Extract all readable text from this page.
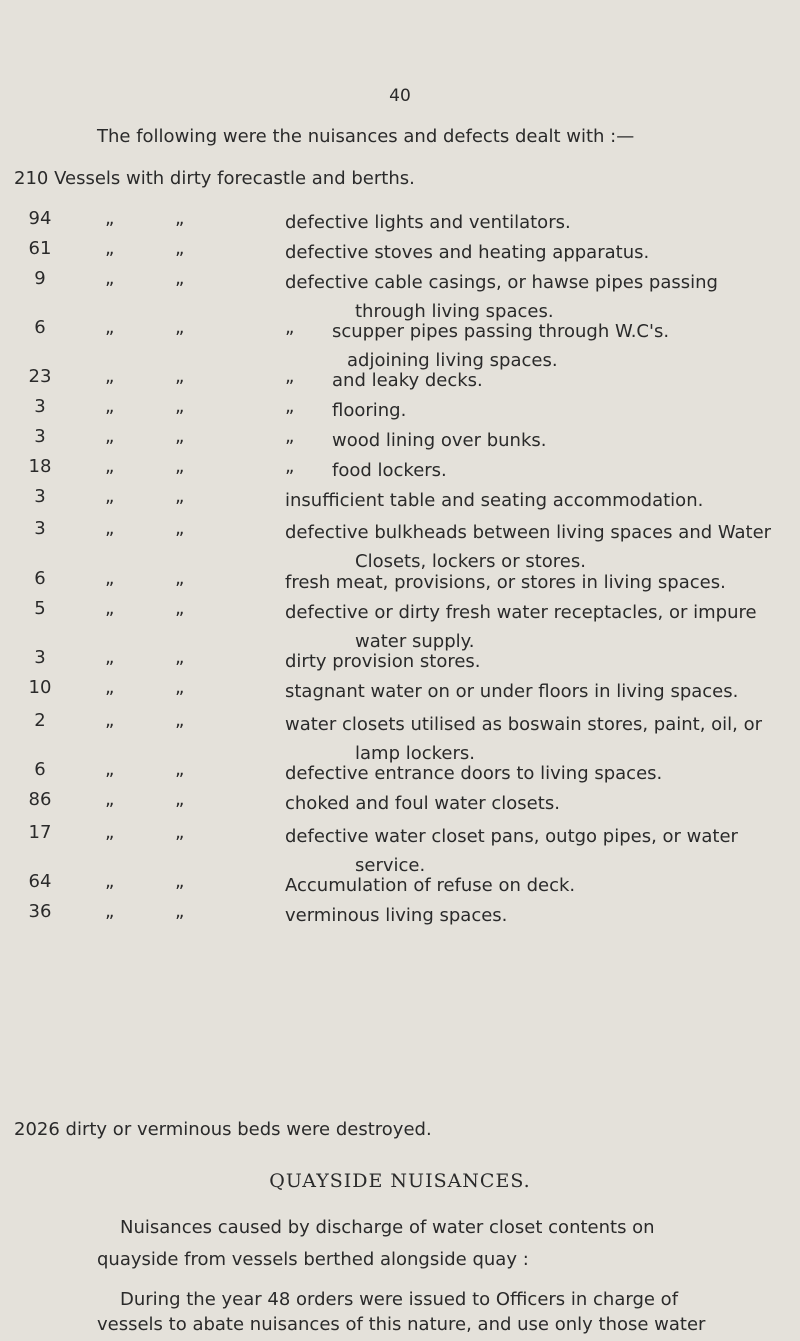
40
The following were the nuisances and defects dealt with :—
210 Vessels with dirty forecastle and berths.
94	„	„	defective lights and ventilators.
61	„	„	defective stoves and heating apparatus.
9	„	„	defective cable casings, or hawse pipes passing
through living spaces.
6	„	„	„ scupper pipes passing through W.C's.
adjoining living spaces.
23	„	„	„ and leaky decks.
3	„	„	„ flooring.
3	„	„	„ wood lining over bunks.
18	„	„	„ food lockers.
3	„	„	insufficient table and seating accommodation.
3	„	„	defective bulkheads between living spaces and Water
Closets, lockers or stores.
6	„	„	fresh meat, provisions, or stores in living spaces.
5	„	„	defective or dirty fresh water receptacles, or impure
water supply.
3	„	„	dirty provision stores.
10	„	„	stagnant water on or under floors in living spaces.
2	„	„	water closets utilised as boswain stores, paint, oil, or
lamp lockers.
6	„	„	defective entrance doors to living spaces.
86	„	„	choked and foul water closets.
17	„	„	defective water closet pans, outgo pipes, or water
service.
64	„	„	Accumulation of refuse on deck.
36	„	„	verminous living spaces.
2026 dirty or verminous beds were destroyed.
QUAYSIDE NUISANCES.
Nuisances caused by discharge of water closet contents on
quayside from vessels berthed alongside quay :
During the year 48 orders were issued to Officers in charge of
vessels to abate nuisances of this nature, and use only those water
